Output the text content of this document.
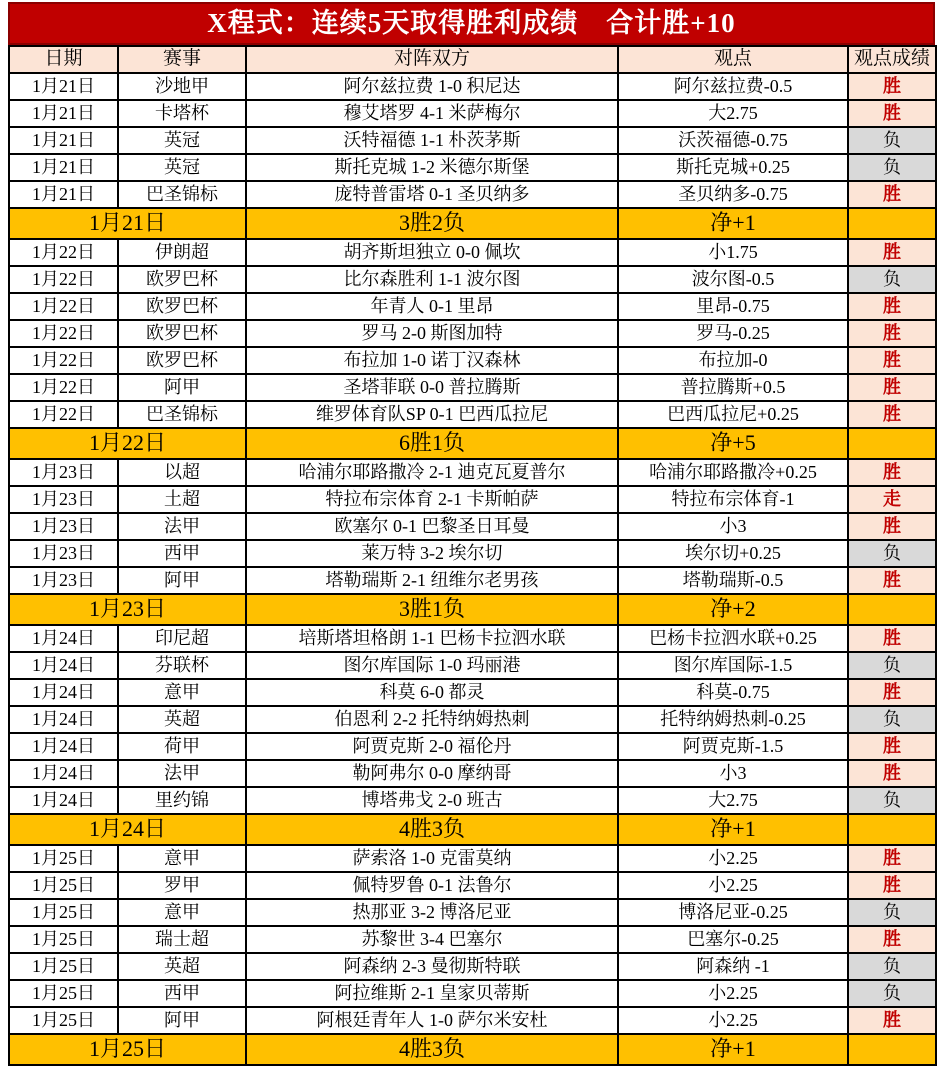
X程式：连续5天取得胜利成绩　合计胜+10
日期	赛事	对阵双方	观点	观点成绩
1月21日	沙地甲	阿尔兹拉费 1-0 积尼达	阿尔兹拉费-0.5	胜
1月21日	卡塔杯	穆艾塔罗 4-1 米萨梅尔	大2.75	胜
1月21日	英冠	沃特福德 1-1 朴茨茅斯	沃茨福德-0.75	负
1月21日	英冠	斯托克城 1-2 米德尔斯堡	斯托克城+0.25	负
1月21日	巴圣锦标	庞特普雷塔 0-1 圣贝纳多	圣贝纳多-0.75	胜
1月21日		3胜2负	净+1	
1月22日	伊朗超	胡齐斯坦独立 0-0 佩坎	小1.75	胜
1月22日	欧罗巴杯	比尔森胜利 1-1 波尔图	波尔图-0.5	负
1月22日	欧罗巴杯	年青人 0-1 里昂	里昂-0.75	胜
1月22日	欧罗巴杯	罗马 2-0 斯图加特	罗马-0.25	胜
1月22日	欧罗巴杯	布拉加 1-0 诺丁汉森林	布拉加-0	胜
1月22日	阿甲	圣塔菲联 0-0 普拉腾斯	普拉腾斯+0.5	胜
1月22日	巴圣锦标	维罗体育队SP 0-1 巴西瓜拉尼	巴西瓜拉尼+0.25	胜
1月22日		6胜1负	净+5	
1月23日	以超	哈浦尔耶路撒冷 2-1 迪克瓦夏普尔	哈浦尔耶路撒冷+0.25	胜
1月23日	土超	特拉布宗体育 2-1 卡斯帕萨	特拉布宗体育-1	走
1月23日	法甲	欧塞尔 0-1 巴黎圣日耳曼	小3	胜
1月23日	西甲	莱万特 3-2 埃尔切	埃尔切+0.25	负
1月23日	阿甲	塔勒瑞斯 2-1 纽维尔老男孩	塔勒瑞斯-0.5	胜
1月23日		3胜1负	净+2	
1月24日	印尼超	培斯塔坦格朗 1-1 巴杨卡拉泗水联	巴杨卡拉泗水联+0.25	胜
1月24日	芬联杯	图尔库国际 1-0 玛丽港	图尔库国际-1.5	负
1月24日	意甲	科莫 6-0 都灵	科莫-0.75	胜
1月24日	英超	伯恩利 2-2 托特纳姆热刺	托特纳姆热刺-0.25	负
1月24日	荷甲	阿贾克斯 2-0 福伦丹	阿贾克斯-1.5	胜
1月24日	法甲	勒阿弗尔 0-0 摩纳哥	小3	胜
1月24日	里约锦	博塔弗戈 2-0 班古	大2.75	负
1月24日		4胜3负	净+1	
1月25日	意甲	萨索洛 1-0 克雷莫纳	小2.25	胜
1月25日	罗甲	佩特罗鲁 0-1 法鲁尔	小2.25	胜
1月25日	意甲	热那亚 3-2 博洛尼亚	博洛尼亚-0.25	负
1月25日	瑞士超	苏黎世 3-4 巴塞尔	巴塞尔-0.25	胜
1月25日	英超	阿森纳 2-3 曼彻斯特联	阿森纳 -1	负
1月25日	西甲	阿拉维斯 2-1 皇家贝蒂斯	小2.25	负
1月25日	阿甲	阿根廷青年人 1-0 萨尔米安杜	小2.25	胜
1月25日		4胜3负	净+1	
